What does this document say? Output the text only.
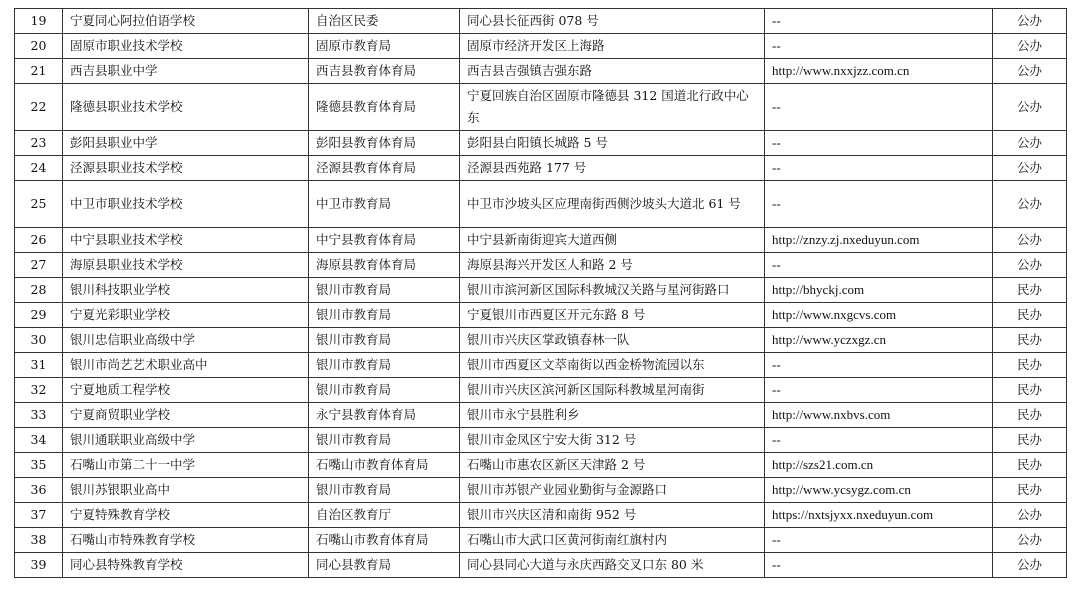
19	宁夏同心阿拉伯语学校	自治区民委	同心县长征西街 078 号	--	公办
20	固原市职业技术学校	固原市教育局	固原市经济开发区上海路	--	公办
21	西吉县职业中学	西吉县教育体育局	西吉县吉强镇吉强东路	http://www.nxxjzz.com.cn	公办
22	隆德县职业技术学校	隆德县教育体育局	宁夏回族自治区固原市隆德县 312 国道北行政中心东	--	公办
23	彭阳县职业中学	彭阳县教育体育局	彭阳县白阳镇长城路 5 号	--	公办
24	泾源县职业技术学校	泾源县教育体育局	泾源县西苑路 177 号	--	公办
25	中卫市职业技术学校	中卫市教育局	中卫市沙坡头区应理南街西侧沙坡头大道北 61 号	--	公办
26	中宁县职业技术学校	中宁县教育体育局	中宁县新南街迎宾大道西侧	http://znzy.zj.nxeduyun.com	公办
27	海原县职业技术学校	海原县教育体育局	海原县海兴开发区人和路 2 号	--	公办
28	银川科技职业学校	银川市教育局	银川市滨河新区国际科教城汉关路与星河街路口	http://bhyckj.com	民办
29	宁夏光彩职业学校	银川市教育局	宁夏银川市西夏区开元东路 8 号	http://www.nxgcvs.com	民办
30	银川忠信职业高级中学	银川市教育局	银川市兴庆区掌政镇春林一队	http://www.yczxgz.cn	民办
31	银川市尚艺艺术职业高中	银川市教育局	银川市西夏区文萃南街以西金桥物流园以东	--	民办
32	宁夏地质工程学校	银川市教育局	银川市兴庆区滨河新区国际科教城星河南街	--	民办
33	宁夏商贸职业学校	永宁县教育体育局	银川市永宁县胜利乡	http://www.nxbvs.com	民办
34	银川通联职业高级中学	银川市教育局	银川市金凤区宁安大街 312 号	--	民办
35	石嘴山市第二十一中学	石嘴山市教育体育局	石嘴山市惠农区新区天津路 2 号	http://szs21.com.cn	民办
36	银川苏银职业高中	银川市教育局	银川市苏银产业园业勤街与金源路口	http://www.ycsygz.com.cn	民办
37	宁夏特殊教育学校	自治区教育厅	银川市兴庆区清和南街 952 号	https://nxtsjyxx.nxeduyun.com	公办
38	石嘴山市特殊教育学校	石嘴山市教育体育局	石嘴山市大武口区黄河街南红旗村内	--	公办
39	同心县特殊教育学校	同心县教育局	同心县同心大道与永庆西路交叉口东 80 米	--	公办
